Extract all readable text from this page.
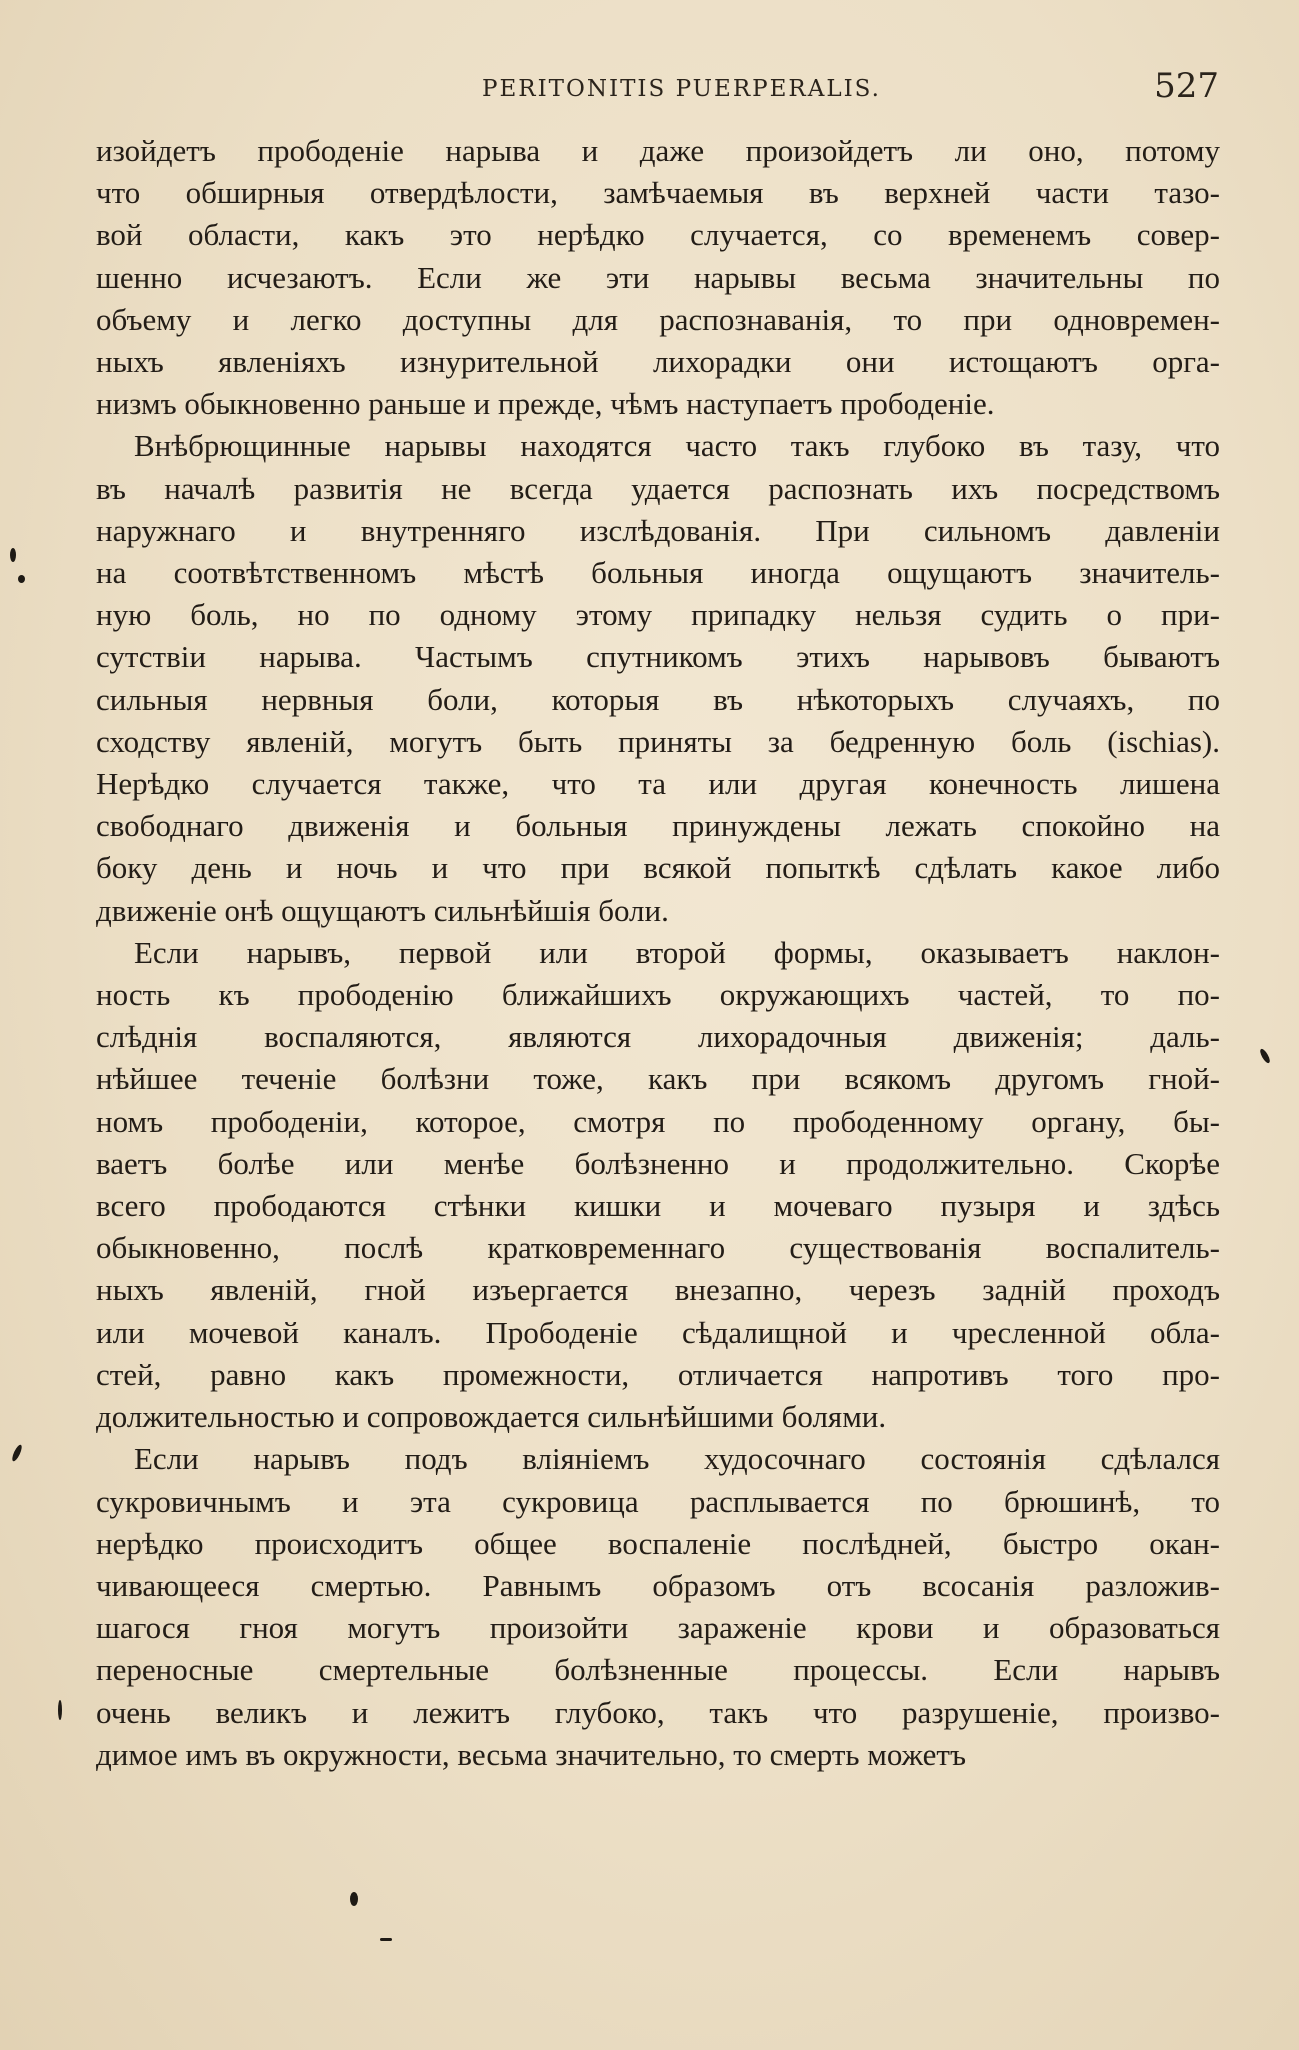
PERITONITIS PUERPERALIS.	527

изойдетъ прободеніе нарыва и даже произойдетъ ли оно, потому
что обширныя отвердѣлости, замѣчаемыя въ верхней части тазо-
вой области, какъ это нерѣдко случается, со временемъ совер-
шенно исчезаютъ. Если же эти нарывы весьма значительны по
объему и легко доступны для распознаванія, то при одновремен-
ныхъ явленіяхъ изнурительной лихорадки они истощаютъ орга-
низмъ обыкновенно раньше и прежде, чѣмъ наступаетъ прободеніе.

Внѣбрющинные нарывы находятся часто такъ глубоко въ тазу, что
въ началѣ развитія не всегда удается распознать ихъ посредствомъ
наружнаго и внутренняго изслѣдованія. При сильномъ давленіи
на соотвѣтственномъ мѣстѣ больныя иногда ощущаютъ значитель-
ную боль, но по одному этому припадку нельзя судить о при-
сутствіи нарыва. Частымъ спутникомъ этихъ нарывовъ бываютъ
сильныя нервныя боли, которыя въ нѣкоторыхъ случаяхъ, по
сходству явленій, могутъ быть приняты за бедренную боль (ischias).
Нерѣдко случается также, что та или другая конечность лишена
свободнаго движенія и больныя принуждены лежать спокойно на
боку день и ночь и что при всякой попыткѣ сдѣлать какое либо
движеніе онѣ ощущаютъ сильнѣйшія боли.

Если нарывъ, первой или второй формы, оказываетъ наклон-
ность къ прободенію ближайшихъ окружающихъ частей, то по-
слѣднія воспаляются, являются лихорадочныя движенія; даль-
нѣйшее теченіе болѣзни тоже, какъ при всякомъ другомъ гной-
номъ прободеніи, которое, смотря по прободенному органу, бы-
ваетъ болѣе или менѣе болѣзненно и продолжительно. Скорѣе
всего прободаются стѣнки кишки и мочеваго пузыря и здѣсь
обыкновенно, послѣ кратковременнаго существованія воспалитель-
ныхъ явленій, гной изъергается внезапно, черезъ задній проходъ
или мочевой каналъ. Прободеніе сѣдалищной и чресленной обла-
стей, равно какъ промежности, отличается напротивъ того про-
должительностью и сопровождается сильнѣйшими болями.

Если нарывъ подъ вліяніемъ худосочнаго состоянія сдѣлался
сукровичнымъ и эта сукровица расплывается по брюшинѣ, то
нерѣдко происходитъ общее воспаленіе послѣдней, быстро окан-
чивающееся смертью. Равнымъ образомъ отъ всосанія разложив-
шагося гноя могутъ произойти зараженіе крови и образоваться
переносные смертельные болѣзненные процессы. Если нарывъ
очень великъ и лежитъ глубоко, такъ что разрушеніе, произво-
димое имъ въ окружности, весьма значительно, то смерть можетъ
